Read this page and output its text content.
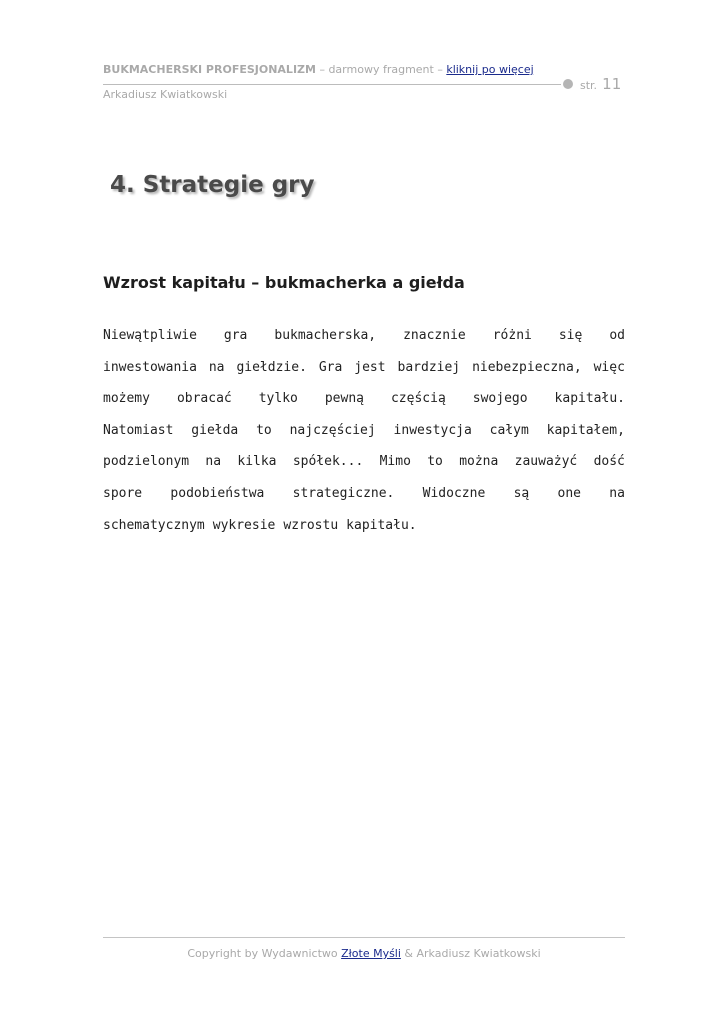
BUKMACHERSKI PROFESJONALIZM – darmowy fragment – kliknij po więcej
str. 11
Arkadiusz Kwiatkowski
4. Strategie gry
Wzrost kapitału – bukmacherka a giełda
Niewątpliwie gra bukmacherska, znacznie różni się od
inwestowania na giełdzie. Gra jest bardziej niebezpieczna, więc
możemy obracać tylko pewną częścią swojego kapitału.
Natomiast giełda to najczęściej inwestycja całym kapitałem,
podzielonym na kilka spółek... Mimo to można zauważyć dość
spore podobieństwa strategiczne. Widoczne są one na
schematycznym wykresie wzrostu kapitału.
Copyright by Wydawnictwo Złote Myśli & Arkadiusz Kwiatkowski
